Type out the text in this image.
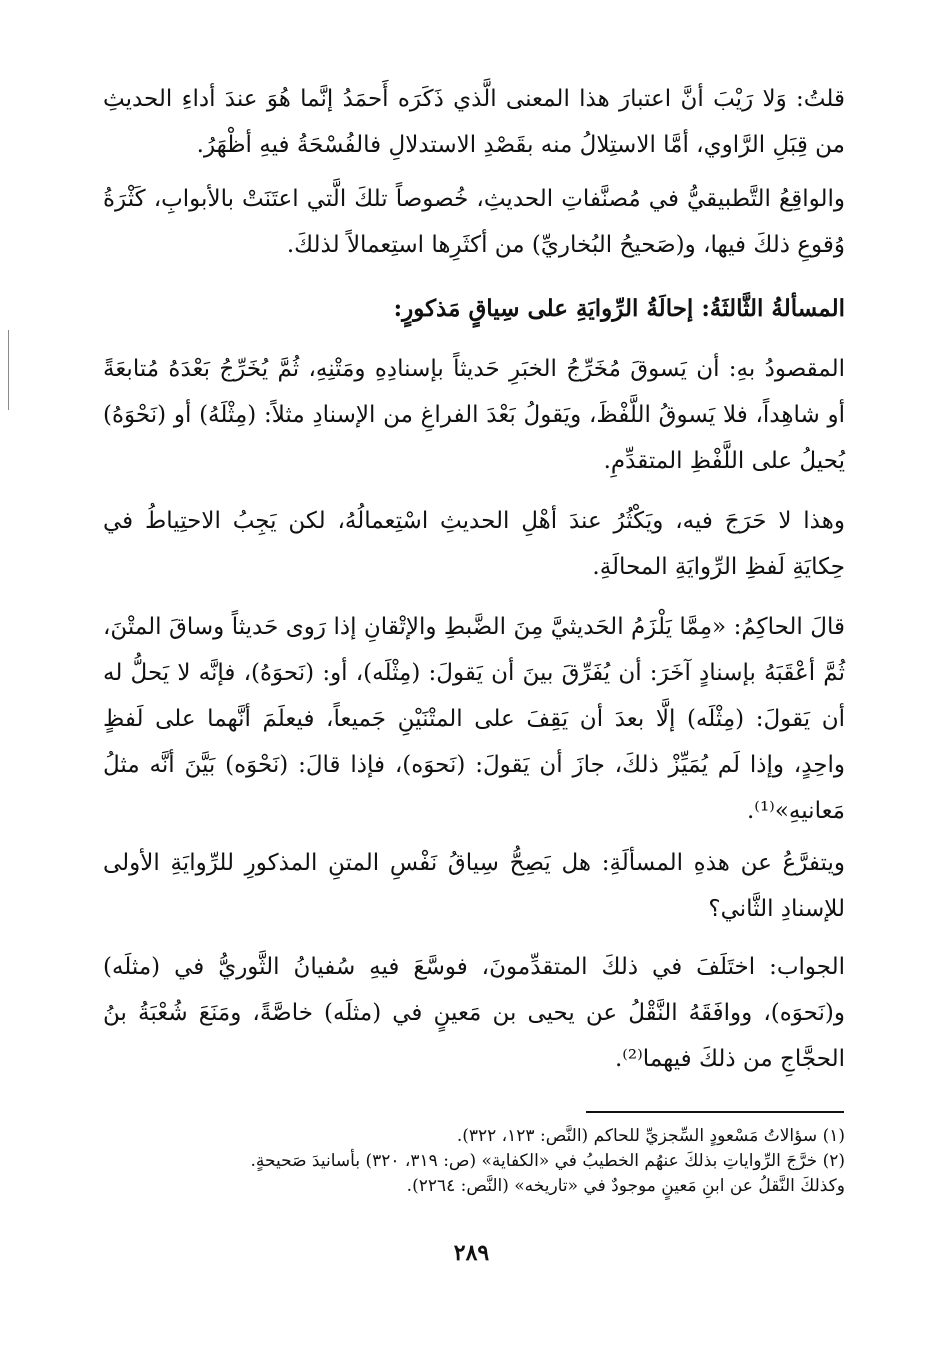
قلتُ: وَلا رَيْبَ أنَّ اعتبارَ هذا المعنى الَّذي ذَكَرَه أَحمَدُ إنَّما هُوَ عندَ أداءِ الحديثِ من قِبَلِ الرَّاوي، أمَّا الاستِلالُ منه بقَصْدِ الاستدلالِ فالفُسْحَةُ فيهِ أظْهَرُ.

والواقِعُ التَّطبيقيُّ في مُصنَّفاتِ الحديثِ، خُصوصاً تلكَ الَّتي اعتَنَتْ بالأبوابِ، كَثْرَةُ وُقوعِ ذلكَ فيها، و(صَحيحُ البُخاريِّ) من أكثَرِها استِعمالاً لذلكَ.

المسألةُ الثَّالثَةُ: إحالَةُ الرِّوايَةِ على سِياقٍ مَذكورٍ:

المقصودُ بهِ: أن يَسوقَ مُخَرِّجُ الخبَرِ حَديثاً بإسنادِهِ ومَتْنِهِ، ثُمَّ يُخَرِّجُ بَعْدَهُ مُتابعَةً أو شاهِداً، فلا يَسوقُ اللَّفْظَ، ويَقولُ بَعْدَ الفراغِ من الإسنادِ مثلاً: (مِثْلَهُ) أو (نَحْوَهُ) يُحيلُ على اللَّفْظِ المتقدِّمِ.

وهذا لا حَرَجَ فيه، ويَكْثُرُ عندَ أهْلِ الحديثِ اسْتِعمالُهُ، لكن يَجِبُ الاحتِياطُ في حِكايَةِ لَفظِ الرِّوايَةِ المحالَةِ.

قالَ الحاكِمُ: «مِمَّا يَلْزَمُ الحَديثيَّ مِنَ الضَّبطِ والإتْقانِ إذا رَوى حَديثاً وساقَ المتْنَ، ثُمَّ أعْقَبَهُ بإسنادٍ آخَرَ: أن يُفَرِّقَ بينَ أن يَقولَ: (مِثْلَه)، أو: (نَحوَهُ)، فإنَّه لا يَحلُّ له أن يَقولَ: (مِثْلَه) إلَّا بعدَ أن يَقِفَ على المتْنَيْنِ جَميعاً، فيعلَمَ أنَّهما على لَفظٍ واحِدٍ، وإذا لَم يُمَيِّزْ ذلكَ، جازَ أن يَقولَ: (نَحوَه)، فإذا قالَ: (نَحْوَه) بَيَّنَ أنَّه مثلُ مَعانيهِ»⁽¹⁾.

ويتفرَّعُ عن هذهِ المسألَةِ: هل يَصِحُّ سِياقُ نَفْسِ المتنِ المذكورِ للرِّوايَةِ الأولى للإسنادِ الثَّاني؟

الجواب: اختَلَفَ في ذلكَ المتقدِّمونَ، فوسَّعَ فيهِ سُفيانُ الثَّوريُّ في (مثلَه) و(نَحوَه)، ووافَقَهُ النَّقْلُ عن يحيى بن مَعينٍ في (مثلَه) خاصَّةً، ومَنَعَ شُعْبَةُ بنُ الحجَّاجِ من ذلكَ فيهما⁽²⁾.

(١) سؤالاتُ مَسْعودٍ السِّجزيِّ للحاكم (النَّص: ١٢٣، ٣٢٢).
(٢) خرَّجَ الرِّواياتِ بذلكَ عنهُم الخطيبُ في «الكفاية» (ص: ٣١٩، ٣٢٠) بأسانيدَ صَحيحةٍ.
وكذلكَ النَّقلُ عن ابنِ مَعينٍ موجودٌ في «تاريخه» (النَّص: ٢٢٦٤).
٢٨٩
